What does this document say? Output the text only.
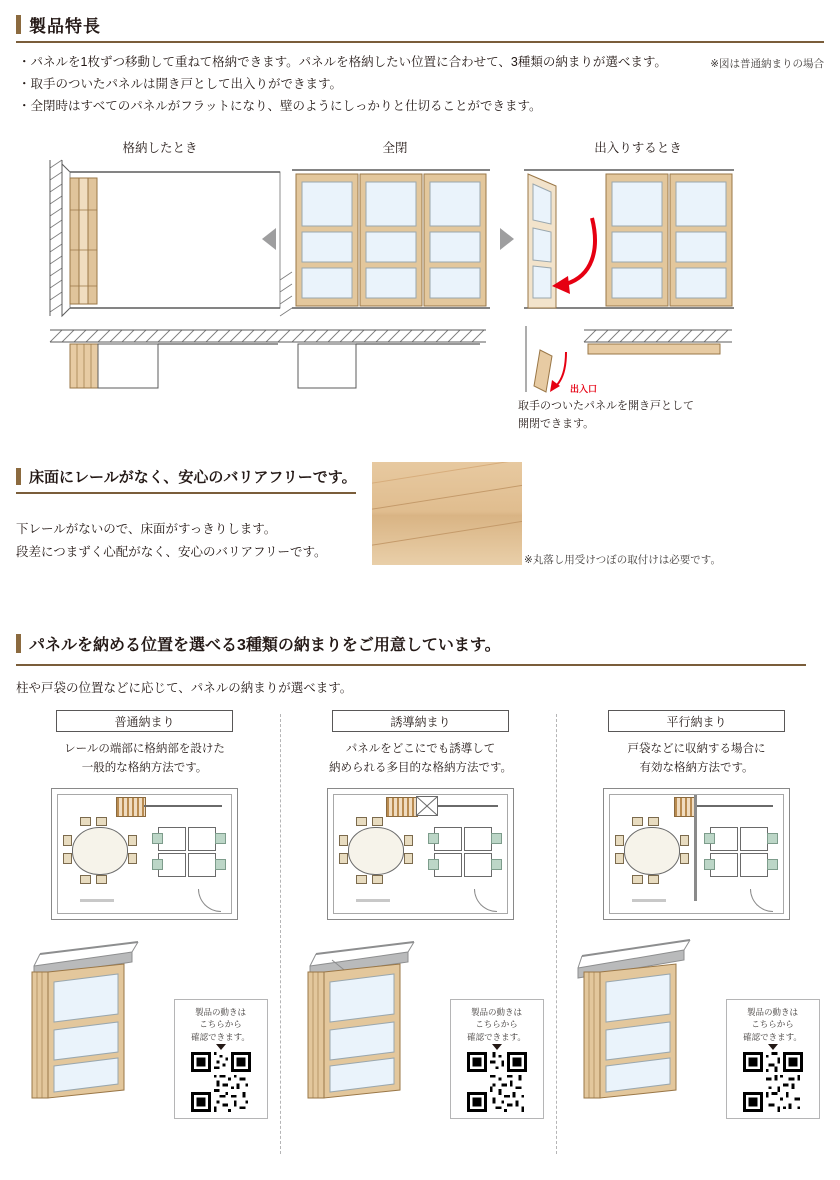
製品特長
・パネルを1枚ずつ移動して重ねて格納できます。パネルを格納したい位置に合わせて、3種類の納まりが選べます。
・取手のついたパネルは開き戸として出入りができます。
・全閉時はすべてのパネルがフラットになり、壁のようにしっかりと仕切ることができます。
※図は普通納まりの場合
格納したとき	全閉	出入りするとき
出入口
取手のついたパネルを開き戸として
開閉できます。
床面にレールがなく、安心のバリアフリーです。
下レールがないので、床面がすっきりします。
段差につまずく心配がなく、安心のバリアフリーです。
※丸落し用受けつぼの取付けは必要です。
パネルを納める位置を選べる3種類の納まりをご用意しています。
柱や戸袋の位置などに応じて、パネルの納まりが選べます。
普通納まり
レールの端部に格納部を設けた
一般的な格納方法です。
製品の動きは
こちらから
確認できます。
誘導納まり
パネルをどこにでも誘導して
納められる多目的な格納方法です。
製品の動きは
こちらから
確認できます。
平行納まり
戸袋などに収納する場合に
有効な格納方法です。
製品の動きは
こちらから
確認できます。
